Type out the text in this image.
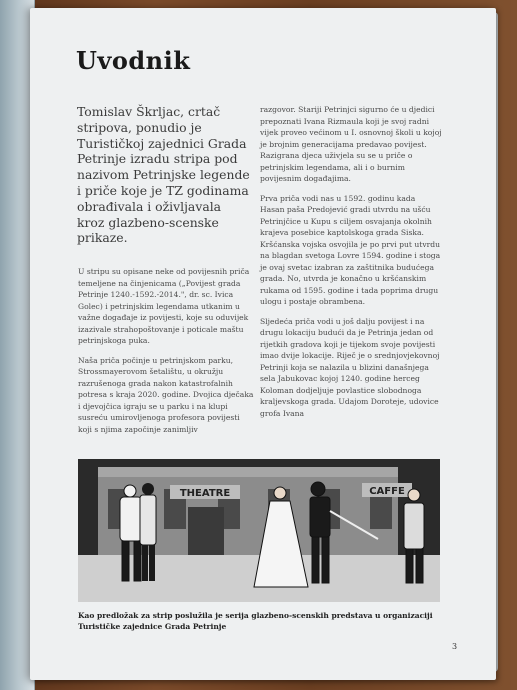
Uvodnik
Tomislav Škrljac, crtač stripova, ponudio je Turističkoj zajednici Grada Petrinje izradu stripa pod nazivom Petrinjske legende i priče koje je TZ godinama obrađivala i oživljavala kroz glazbeno-scenske prikaze.

U stripu su opisane neke od povijesnih priča temeljene na činjenicama („Povijest grada Petrinje 1240.-1592.-2014.", dr. sc. Ivica Golec) i petrinjskim legendama utkanim u važne događaje iz povijesti, koje su oduvijek izazivale strahopoštovanje i poticale maštu petrinjskoga puka.

Naša priča počinje u petrinjskom parku, Strossmayerovom šetalištu, u okružju razrušenoga grada nakon katastrofalnih potresa s kraja 2020. godine. Dvojica dječaka i djevojčica igraju se u parku i na klupi susreću umirovljenoga profesora povijesti koji s njima započinje zanimljiv

razgovor. Stariji Petrinjci sigurno će u djedici prepoznati Ivana Rizmaula koji je svoj radni vijek proveo većinom u I. osnovnoj školi u kojoj je brojnim generacijama predavao povijest. Razigrana djeca uživjela su se u priče o petrinjskim legendama, ali i o burnim povijesnim događajima.

Prva priča vodi nas u 1592. godinu kada Hasan paša Predojević gradi utvrdu na ušću Petrinjčice u Kupu s ciljem osvajanja okolnih krajeva posebice kaptolskoga grada Siska. Kršćanska vojska osvojila je po prvi put utvrdu na blagdan svetoga Lovre 1594. godine i stoga je ovaj svetac izabran za zaštitnika budućega grada. No, utvrda je konačno u kršćanskim rukama od 1595. godine i tada poprima drugu ulogu i postaje obrambena.

Sljedeća priča vodi u još dalju povijest i na drugu lokaciju budući da je Petrinja jedan od rijetkih gradova koji je tijekom svoje povijesti imao dvije lokacije. Riječ je o srednjovjekovnoj Petrinji koja se nalazila u blizini današnjega sela Jabukovac kojoj 1240. godine herceg Koloman dodjeljuje povlastice slobodnoga kraljevskoga grada. Udajom Doroteje, udovice grofa Ivana

THEATRE	CAFFE
Kao predložak za strip poslužila je serija glazbeno-scenskih predstava u organizaciji Turističke zajednice Grada Petrinje
3
